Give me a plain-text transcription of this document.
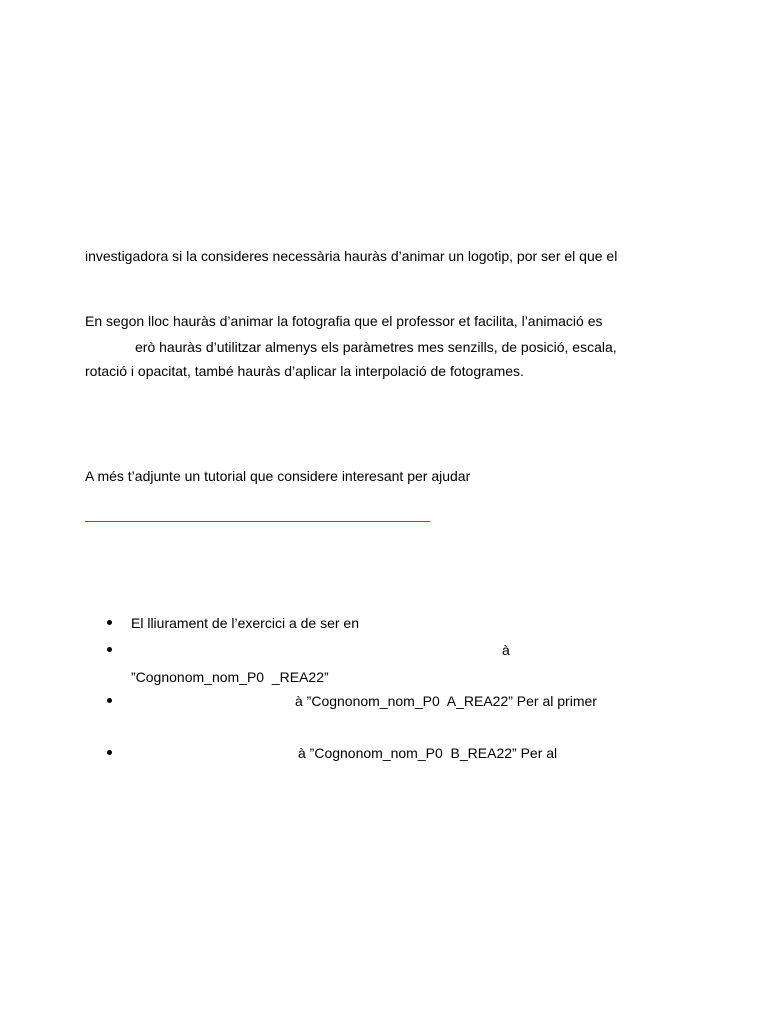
investigadora si la consideres necessària hauràs d’animar un logotip, por ser el que el
En segon lloc hauràs d’animar la fotografia que el professor et facilita, l’animació es
erò hauràs d’utilitzar almenys els paràmetres mes senzills, de posició, escala,
rotació i opacitat, també hauràs d’aplicar la interpolació de fotogrames.
A més t’adjunte un tutorial que considere interesant per ajudar
El lliurament de l’exercici a de ser en
à
”Cognonom_nom_P0  _REA22”
à ”Cognonom_nom_P0  A_REA22” Per al primer
à ”Cognonom_nom_P0  B_REA22” Per al
